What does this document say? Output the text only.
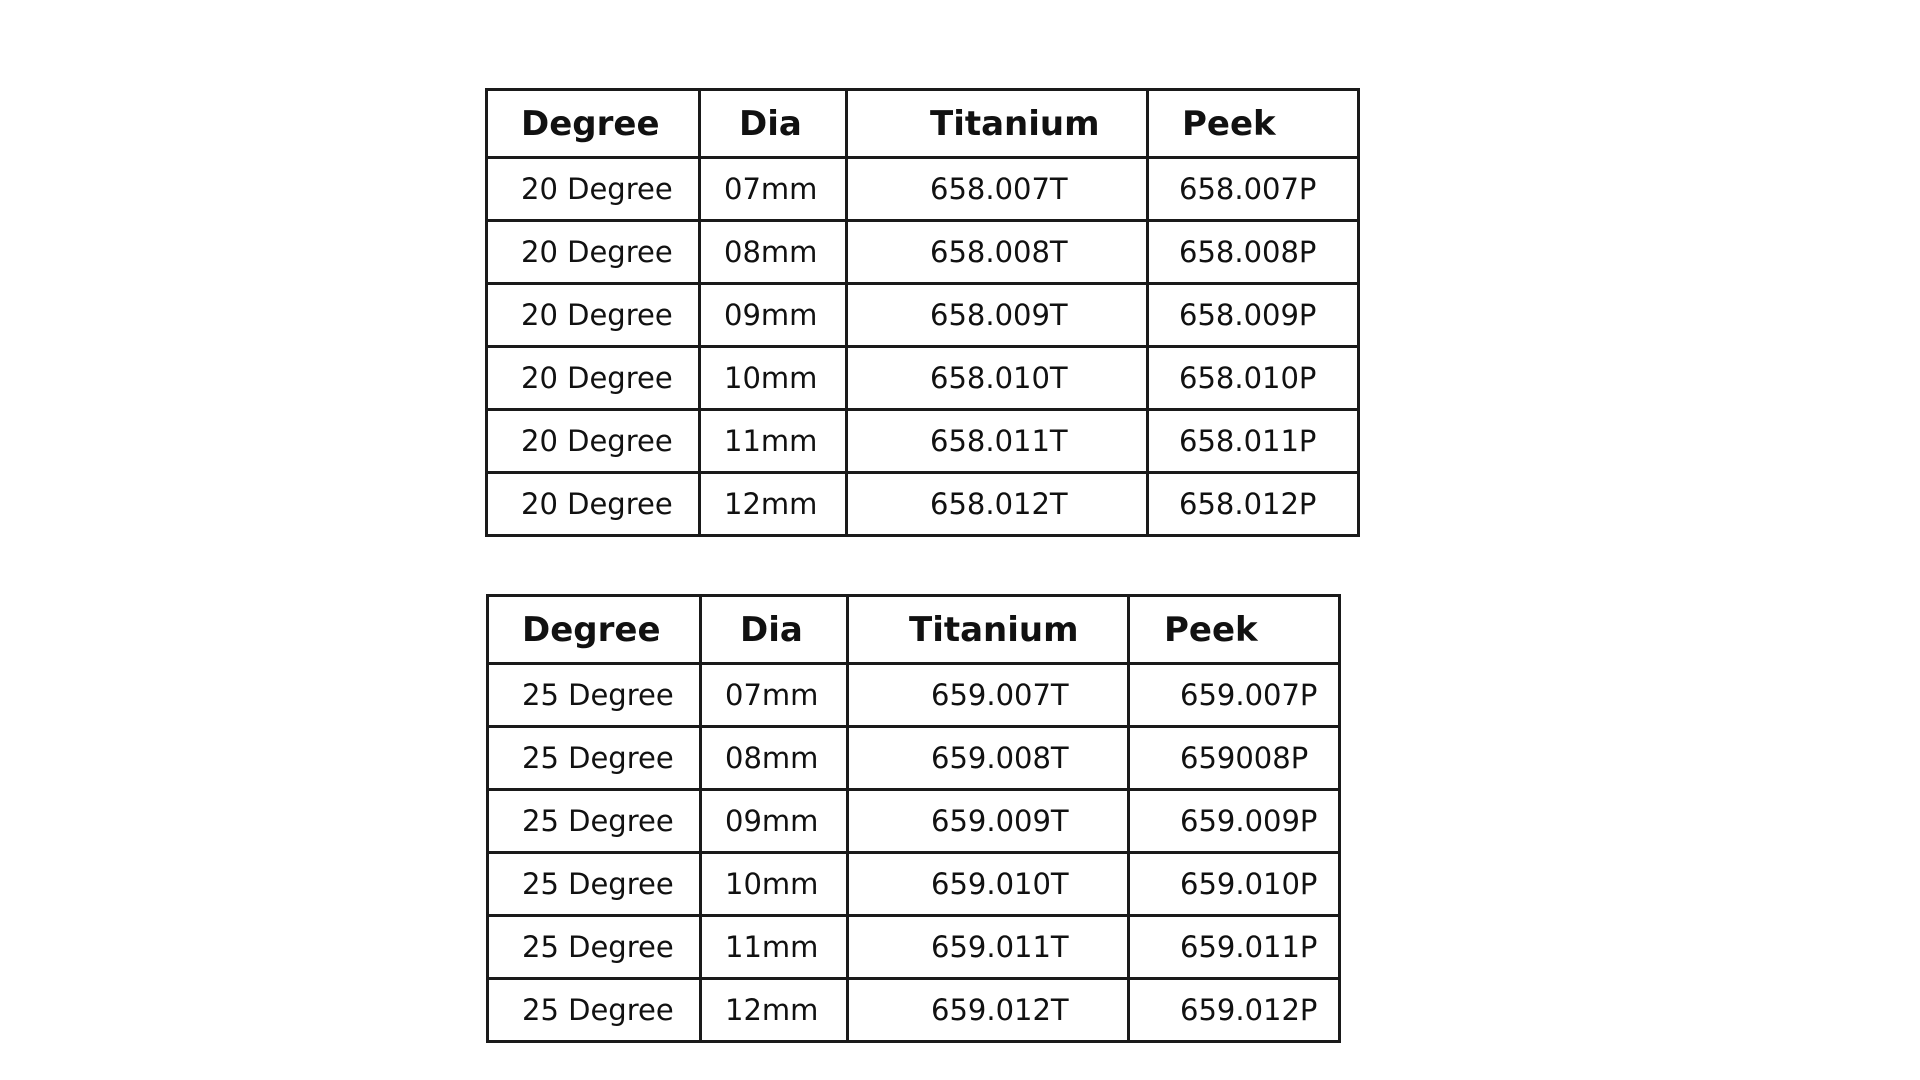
Degree	Dia	Titanium	Peek
20 Degree	07mm	658.007T	658.007P
20 Degree	08mm	658.008T	658.008P
20 Degree	09mm	658.009T	658.009P
20 Degree	10mm	658.010T	658.010P
20 Degree	11mm	658.011T	658.011P
20 Degree	12mm	658.012T	658.012P
Degree	Dia	Titanium	Peek
25 Degree	07mm	659.007T	659.007P
25 Degree	08mm	659.008T	659008P
25 Degree	09mm	659.009T	659.009P
25 Degree	10mm	659.010T	659.010P
25 Degree	11mm	659.011T	659.011P
25 Degree	12mm	659.012T	659.012P
